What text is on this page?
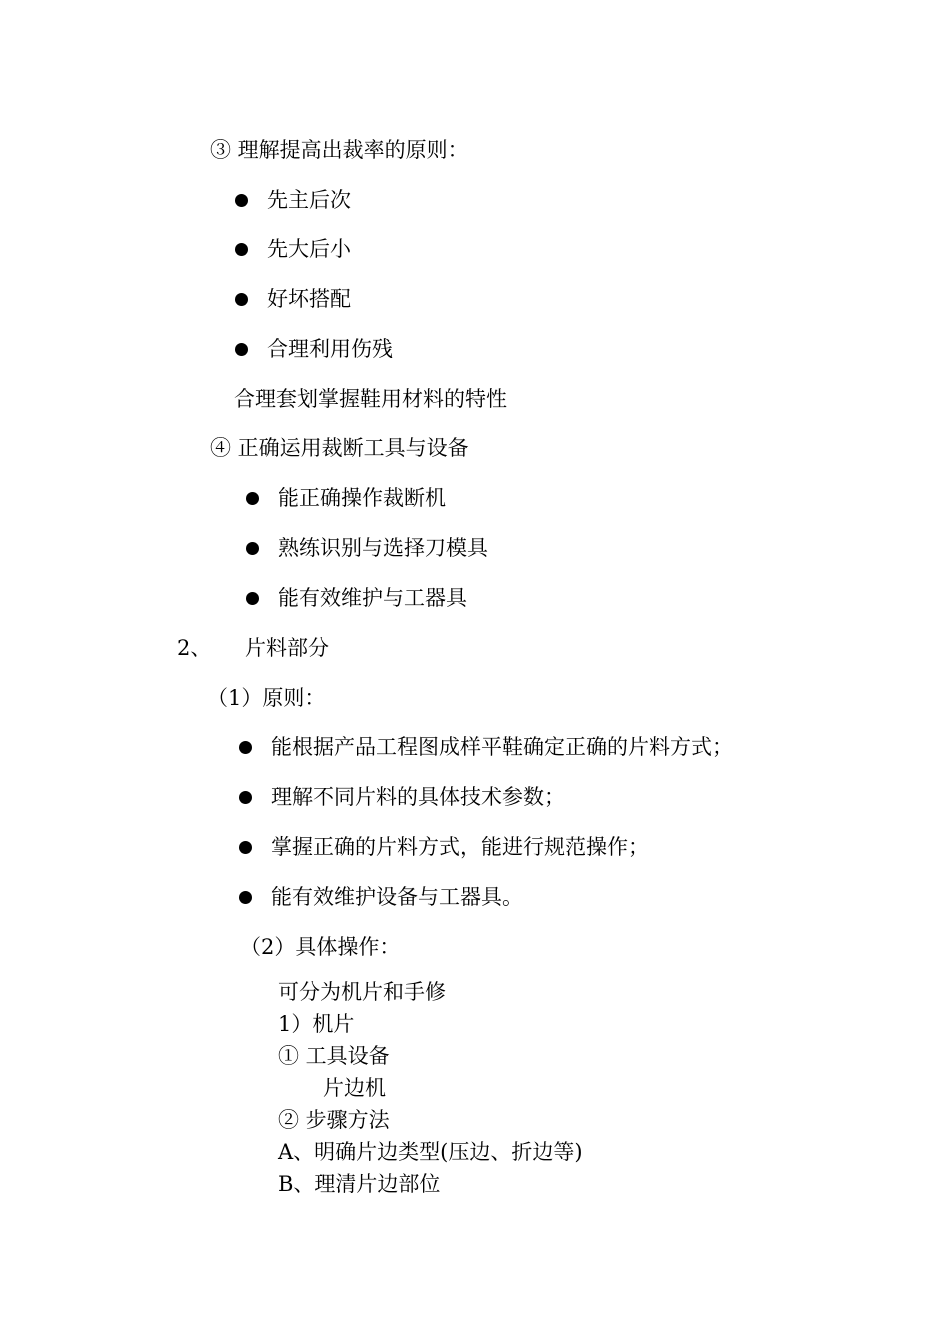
③ 理解提高出裁率的原则：
先主后次
先大后小
好坏搭配
合理利用伤残
合理套划掌握鞋用材料的特性
④ 正确运用裁断工具与设备
能正确操作裁断机
熟练识别与选择刀模具
能有效维护与工器具
2、 片料部分
（1）原则：
能根据产品工程图成样平鞋确定正确的片料方式；
理解不同片料的具体技术参数；
掌握正确的片料方式，能进行规范操作；
能有效维护设备与工器具。
（2）具体操作：
可分为机片和手修
1）机片
① 工具设备
片边机
② 步骤方法
A、明确片边类型(压边、折边等)
B、理清片边部位
